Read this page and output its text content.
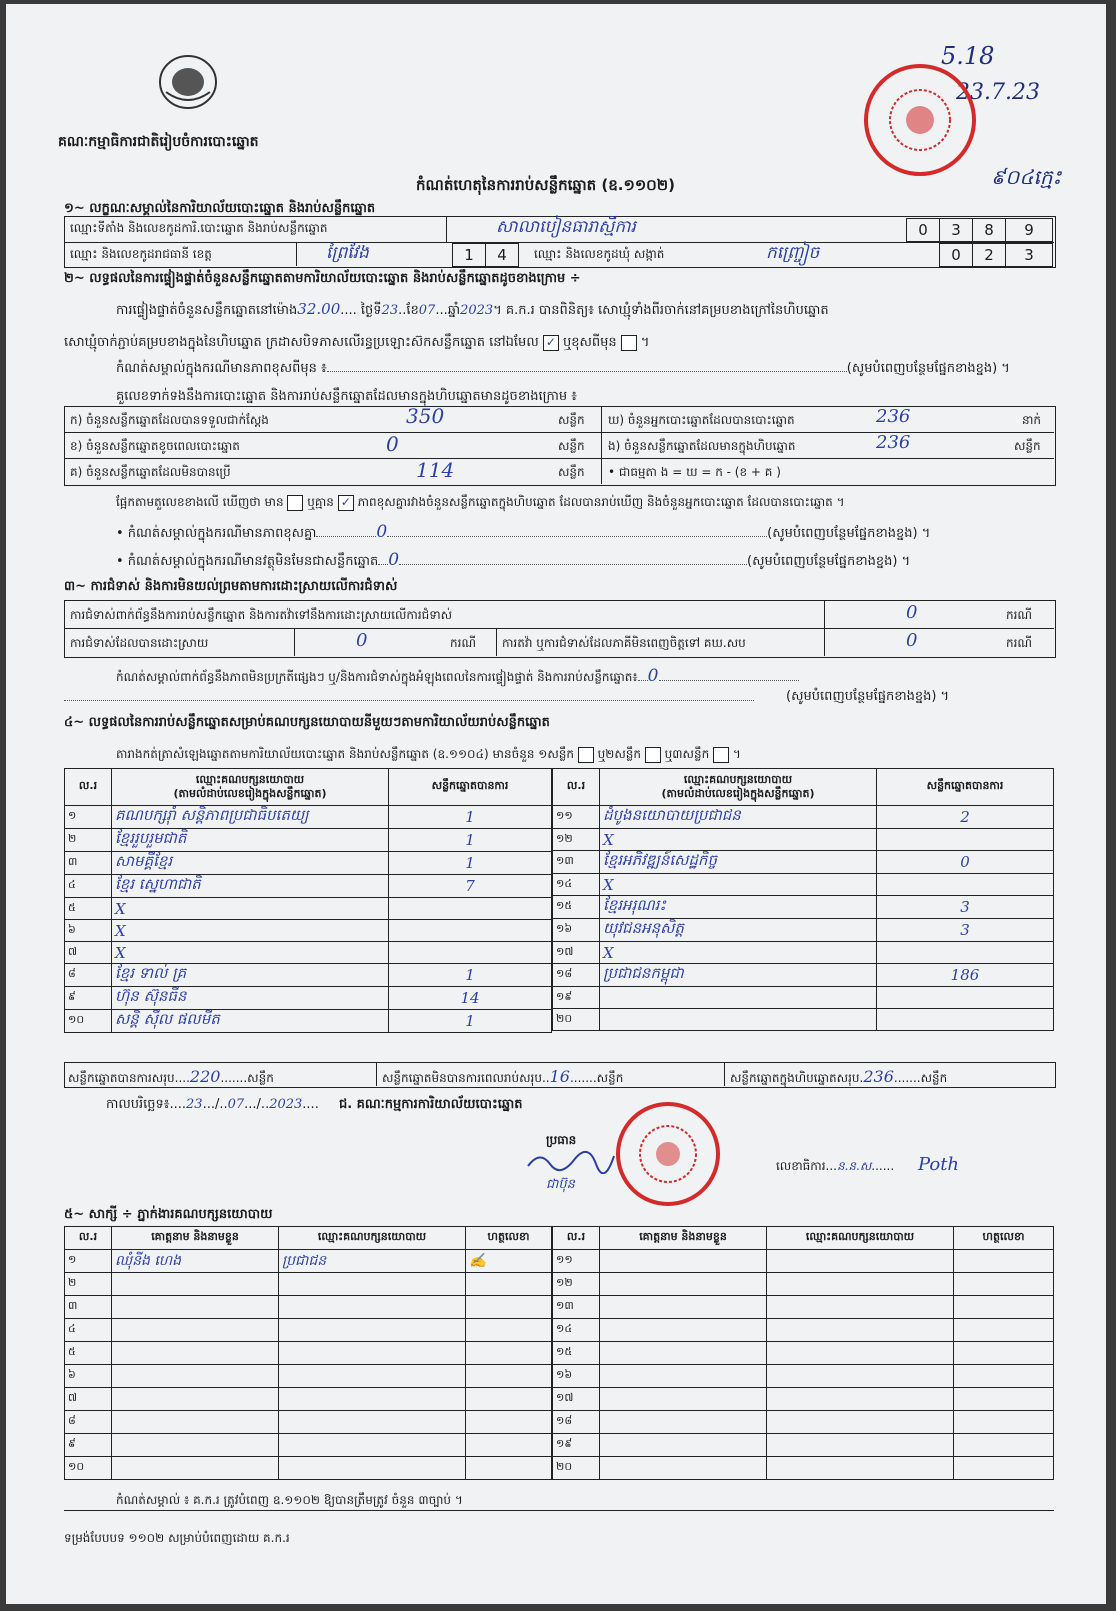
គណៈកម្មាធិការជាតិរៀបចំការបោះឆ្នោត
5.18
23.7.23
៩០៤ក្មេះ
កំណត់ហេតុនៃការរាប់សន្លឹកឆ្នោត (ឧ.១១០២)
១~ លក្ខណៈសម្គាល់នៃការិយាល័យបោះឆ្នោត និងរាប់សន្លឹកឆ្នោត
ឈ្មោះទីតាំង និងលេខកូដការិ.បោះឆ្នោត និងរាប់សន្លឹកឆ្នោត	សាលាបៀនធារាស្មីការ	0	3	8	9
ឈ្មោះ និងលេខកូដរាជធានី ខេត្ត	ព្រៃវែង	1	4	ឈ្មោះ និងលេខកូដឃុំ សង្កាត់	កញ្ច្រៀច	0	2	3
២~ លទ្ធផលនៃការផ្ទៀងផ្ទាត់ចំនួនសន្លឹកឆ្នោតតាមការិយាល័យបោះឆ្នោត និងរាប់សន្លឹកឆ្នោតដូចខាងក្រោម ÷
ការផ្ទៀងផ្ទាត់ចំនួនសន្លឹកឆ្នោតនៅម៉ោង32.00.... ថ្ងៃទី23..ខែ07...ឆ្នាំ2023។ គ.ក.រ បានពិនិត្យ៖ សោឃ្មុំទាំងពីរចាក់នៅគម្របខាងក្រៅនៃហិបឆ្នោត
សោឃ្មុំចាក់ភ្ជាប់គម្របខាងក្នុងនៃហិបឆ្នោត ក្រដាសបិទភាសលើរន្ធប្រឡោះស៊កសន្លឹកឆ្នោត នៅឯមែល ✓ ឬខុសពីមុន  ។
កំណត់សម្គាល់ក្នុងករណីមានភាពខុសពីមុន ៖	(សូមបំពេញបន្ថែមផ្នែកខាងខ្នង) ។
គួលេខទាក់ទងនឹងការបោះឆ្នោត និងការរាប់សន្លឹកឆ្នោតដែលមានក្នុងហិបឆ្នោតមានដូចខាងក្រោម ៖
ក) ចំនួនសន្លឹកឆ្នោតដែលបានទទួលជាក់ស្តែង	350	សន្លឹក
ខ) ចំនួនសន្លឹកឆ្នោតខូចពេលបោះឆ្នោត	0	សន្លឹក
គ) ចំនួនសន្លឹកឆ្នោតដែលមិនបានប្រើ	114	សន្លឹក
ឃ) ចំនួនអ្នកបោះឆ្នោតដែលបានបោះឆ្នោត	236	នាក់
ង) ចំនួនសន្លឹកឆ្នោតដែលមានក្នុងហិបឆ្នោត	236	សន្លឹក
• ជាធម្មតា ង = ឃ = ក - (ខ + គ )
ផ្អែកតាមតួលេខខាងលើ ឃើញថា មាន ឬគ្មាន ✓ ភាពខុសគ្នារវាងចំនួនសន្លឹកឆ្នោតក្នុងហិបឆ្នោត ដែលបានរាប់ឃើញ និងចំនួនអ្នកបោះឆ្នោត ដែលបានបោះឆ្នោត ។
• កំណត់សម្គាល់ក្នុងករណីមានភាពខុសគ្នា	0	(សូមបំពេញបន្ថែមផ្នែកខាងខ្នង) ។
• កំណត់សម្គាល់ក្នុងករណីមានវត្ថុមិនមែនជាសន្លឹកឆ្នោត 0	(សូមបំពេញបន្ថែមផ្នែកខាងខ្នង) ។
៣~ ការជំទាស់ និងការមិនយល់ព្រមតាមការដោះស្រាយលើការជំទាស់
ការជំទាស់ពាក់ព័ន្ធនឹងការរាប់សន្លឹកឆ្នោត និងការតវ៉ាទៅនឹងការដោះស្រាយលើការជំទាស់	0	ករណី
ការជំទាស់ដែលបានដោះស្រាយ	0	ករណី ការតវ៉ា ឬការជំទាស់ដែលភាគីមិនពេញចិត្តទៅ គឃ.សប	0	ករណី
កំណត់សម្គាល់ពាក់ព័ន្ធនឹងភាពមិនប្រក្រតីផ្សេងៗ ឬ/និងការជំទាស់ក្នុងអំឡុងពេលនៃការផ្ទៀងផ្ទាត់ និងការរាប់សន្លឹកឆ្នោត៖ 0
(សូមបំពេញបន្ថែមផ្នែកខាងខ្នង) ។
៤~ លទ្ធផលនៃការរាប់សន្លឹកឆ្នោតសម្រាប់គណបក្សនយោបាយនីមួយៗតាមការិយាល័យរាប់សន្លឹកឆ្នោត
តារាងកត់ត្រាសំឡេងឆ្នោតតាមការិយាល័យបោះឆ្នោត និងរាប់សន្លឹកឆ្នោត (ឧ.១១០៤) មានចំនួន ១សន្លឹក ឬ២សន្លឹក ឬ៣សន្លឹក  ។
ល.រ	ឈ្មោះគណបក្សនយោបាយ
(តាមលំដាប់លេខរៀងក្នុងសន្លឹកឆ្នោត)	សន្លឹកឆ្នោតបានការ
១	គណបក្សរ៉ាំ សន្តិភាពប្រជាធិបតេយ្យ	1
២	ខ្មែររួបរួមជាតិ	1
៣	សាមគ្គីខ្មែរ	1
៤	ខ្មែរ ស្នេហាជាតិ	7
៥	X	
៦	X	
៧	X	
៨	ខ្មែរ ទាល់ គ្រ	1
៩	ហ៊ុន ស៊ុនធីន	14
១០	សន្តិ ស៊ីល ផលមីត	1
ល.រ	ឈ្មោះគណបក្សនយោបាយ
(តាមលំដាប់លេខរៀងក្នុងសន្លឹកឆ្នោត)	សន្លឹកឆ្នោតបានការ
១១	ដំបូងនយោបាយប្រជាជន	2
១២	X	
១៣	ខ្មែរអភិវឌ្ឍន៍សេដ្ឋកិច្ច	0
១៤	X	
១៥	ខ្មែរអរុណរះ	3
១៦	យុវជនអនុសិត្ត	3
១៧	X	
១៨	ប្រជាជនកម្ពុជា	186
១៩		
២០		
សន្លឹកឆ្នោតបានការសរុប....220.......សន្លឹក	សន្លឹកឆ្នោតមិនបានការពេលរាប់សរុប..16.......សន្លឹក	សន្លឹកឆ្នោតក្នុងហិបឆ្នោតសរុប.236.......សន្លឹក
កាលបរិច្ឆេទ៖....23.../..07.../..2023.... ជ. គណៈកម្មការការិយាល័យបោះឆ្នោត
ប្រធាន
ជាប៊ុន
លេខាធិការ...ន.ន.ស...... Poth
៥~ សាក្សី ÷ ភ្នាក់ងារគណបក្សនយោបាយ
ល.រ	គោត្តនាម និងនាមខ្លួន	ឈ្មោះគណបក្សនយោបាយ	ហត្ថលេខា
១	ឈុំនីង ហេង	ប្រជាជន	✍
២			
៣			
៤			
៥			
៦			
៧			
៨			
៩			
១០			
ល.រ	គោត្តនាម និងនាមខ្លួន	ឈ្មោះគណបក្សនយោបាយ	ហត្ថលេខា
១១			
១២			
១៣			
១៤			
១៥			
១៦			
១៧			
១៨			
១៩			
២០			
កំណត់សម្គាល់ ៖ គ.ក.រ ត្រូវបំពេញ ឧ.១១០២ ឱ្យបានត្រឹមត្រូវ ចំនួន ៣ច្បាប់ ។
ទម្រង់បែបបទ ១១០២ សម្រាប់បំពេញដោយ គ.ក.រ
